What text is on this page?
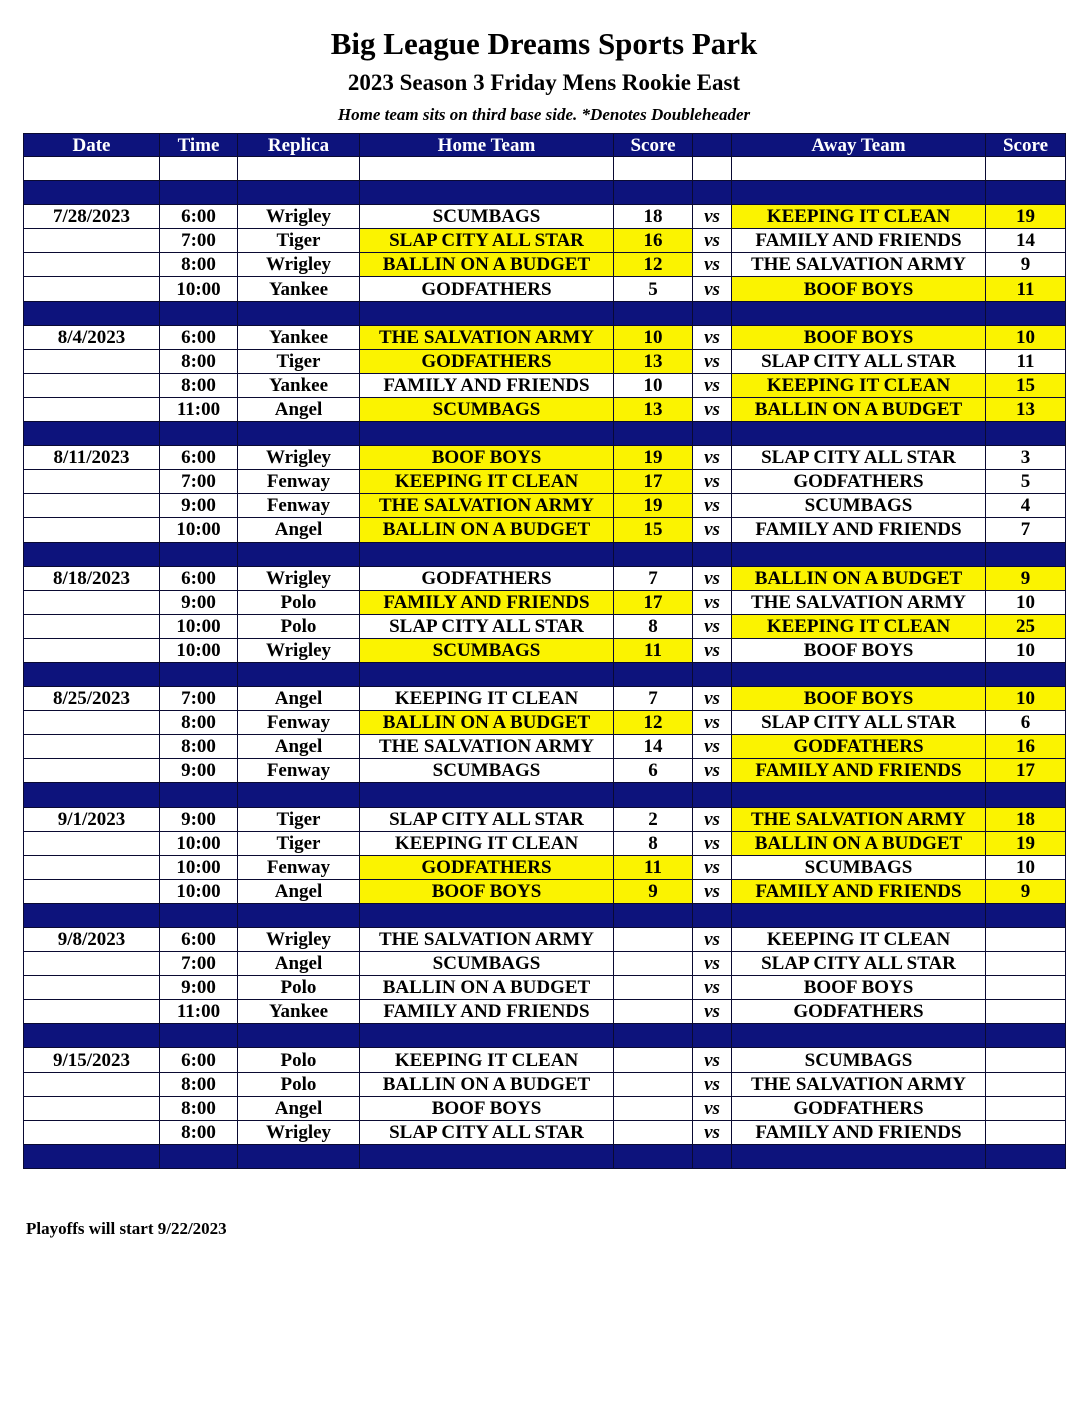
Big League Dreams Sports Park
2023 Season 3 Friday Mens Rookie East
Home team sits on third base side. *Denotes Doubleheader
Date	Time	Replica	Home Team	Score		Away Team	Score

7/28/2023	6:00	Wrigley	SCUMBAGS	18	vs	KEEPING IT CLEAN	19
	7:00	Tiger	SLAP CITY ALL STAR	16	vs	FAMILY AND FRIENDS	14
	8:00	Wrigley	BALLIN ON A BUDGET	12	vs	THE SALVATION ARMY	9
	10:00	Yankee	GODFATHERS	5	vs	BOOF BOYS	11

8/4/2023	6:00	Yankee	THE SALVATION ARMY	10	vs	BOOF BOYS	10
	8:00	Tiger	GODFATHERS	13	vs	SLAP CITY ALL STAR	11
	8:00	Yankee	FAMILY AND FRIENDS	10	vs	KEEPING IT CLEAN	15
	11:00	Angel	SCUMBAGS	13	vs	BALLIN ON A BUDGET	13

8/11/2023	6:00	Wrigley	BOOF BOYS	19	vs	SLAP CITY ALL STAR	3
	7:00	Fenway	KEEPING IT CLEAN	17	vs	GODFATHERS	5
	9:00	Fenway	THE SALVATION ARMY	19	vs	SCUMBAGS	4
	10:00	Angel	BALLIN ON A BUDGET	15	vs	FAMILY AND FRIENDS	7

8/18/2023	6:00	Wrigley	GODFATHERS	7	vs	BALLIN ON A BUDGET	9
	9:00	Polo	FAMILY AND FRIENDS	17	vs	THE SALVATION ARMY	10
	10:00	Polo	SLAP CITY ALL STAR	8	vs	KEEPING IT CLEAN	25
	10:00	Wrigley	SCUMBAGS	11	vs	BOOF BOYS	10

8/25/2023	7:00	Angel	KEEPING IT CLEAN	7	vs	BOOF BOYS	10
	8:00	Fenway	BALLIN ON A BUDGET	12	vs	SLAP CITY ALL STAR	6
	8:00	Angel	THE SALVATION ARMY	14	vs	GODFATHERS	16
	9:00	Fenway	SCUMBAGS	6	vs	FAMILY AND FRIENDS	17

9/1/2023	9:00	Tiger	SLAP CITY ALL STAR	2	vs	THE SALVATION ARMY	18
	10:00	Tiger	KEEPING IT CLEAN	8	vs	BALLIN ON A BUDGET	19
	10:00	Fenway	GODFATHERS	11	vs	SCUMBAGS	10
	10:00	Angel	BOOF BOYS	9	vs	FAMILY AND FRIENDS	9

9/8/2023	6:00	Wrigley	THE SALVATION ARMY		vs	KEEPING IT CLEAN	
	7:00	Angel	SCUMBAGS		vs	SLAP CITY ALL STAR	
	9:00	Polo	BALLIN ON A BUDGET		vs	BOOF BOYS	
	11:00	Yankee	FAMILY AND FRIENDS		vs	GODFATHERS	

9/15/2023	6:00	Polo	KEEPING IT CLEAN		vs	SCUMBAGS	
	8:00	Polo	BALLIN ON A BUDGET		vs	THE SALVATION ARMY	
	8:00	Angel	BOOF BOYS		vs	GODFATHERS	
	8:00	Wrigley	SLAP CITY ALL STAR		vs	FAMILY AND FRIENDS	

Playoffs will start 9/22/2023
